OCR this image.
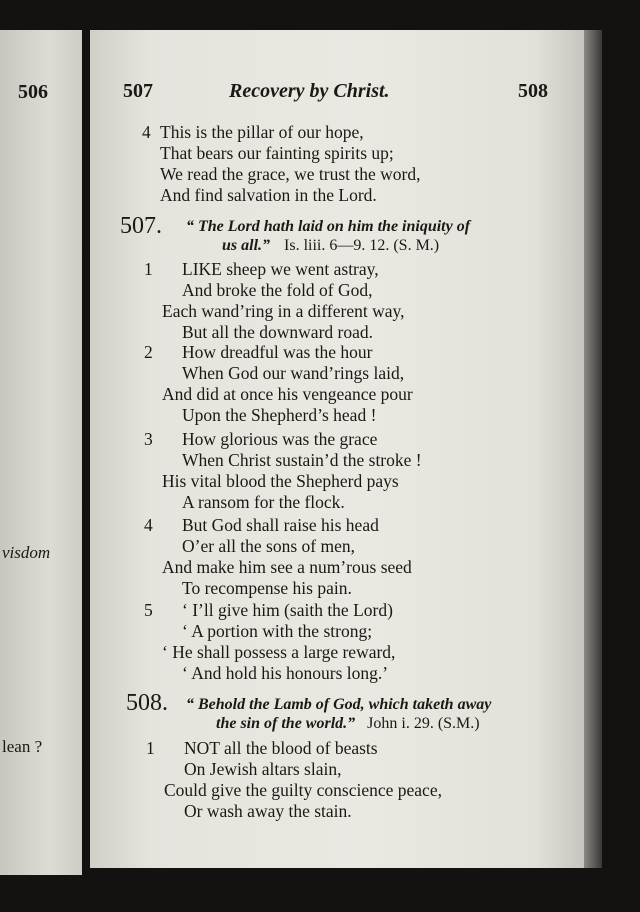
506
visdom
lean ?
507	Recovery by Christ.	508
4 This is the pillar of our hope,
That bears our fainting spirits up;
We read the grace, we trust the word,
And find salvation in the Lord.
507. “ The Lord hath laid on him the iniquity of
us all.” Is. liii. 6—9. 12. (S. M.)
1 LIKE sheep we went astray,
And broke the fold of God,
Each wand’ring in a different way,
But all the downward road.
2 How dreadful was the hour
When God our wand’rings laid,
And did at once his vengeance pour
Upon the Shepherd’s head !
3 How glorious was the grace
When Christ sustain’d the stroke !
His vital blood the Shepherd pays
A ransom for the flock.
4 But God shall raise his head
O’er all the sons of men,
And make him see a num’rous seed
To recompense his pain.
5 ‘ I’ll give him (saith the Lord)
‘ A portion with the strong;
‘ He shall possess a large reward,
‘ And hold his honours long.’
508. “ Behold the Lamb of God, which taketh away
the sin of the world.” John i. 29. (S.M.)
1 NOT all the blood of beasts
On Jewish altars slain,
Could give the guilty conscience peace,
Or wash away the stain.
